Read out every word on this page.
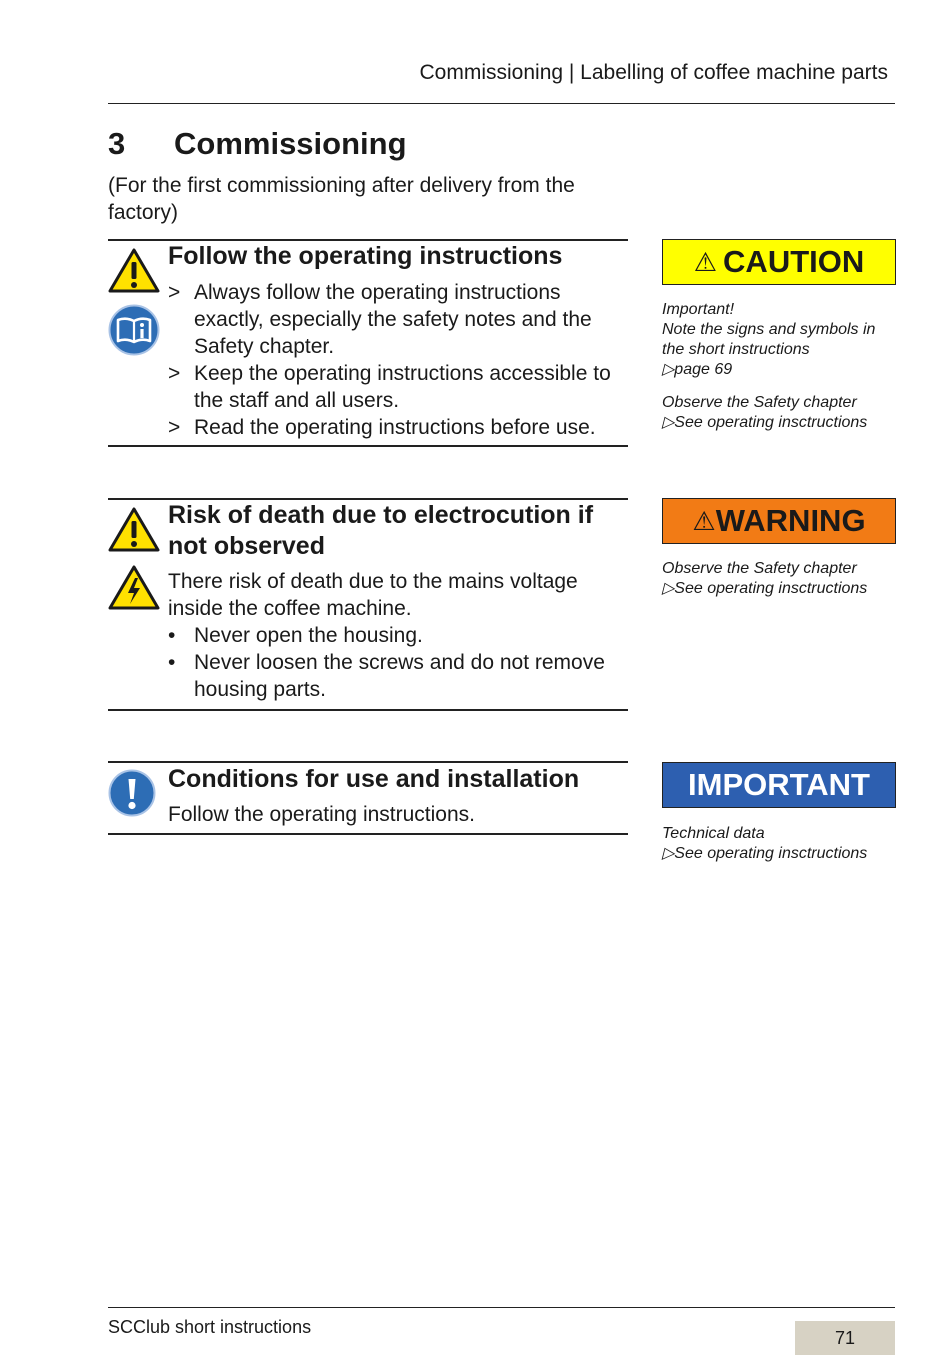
Commissioning | Labelling of coffee machine parts
3 Commissioning
(For the first commissioning after delivery from the factory)
Follow the operating instructions
> Always follow the operating instructions exactly, especially the safety notes and the Safety chapter.
> Keep the operating instructions accessible to the staff and all users.
> Read the operating instructions before use.
⚠ CAUTION

Important!

Note the signs and symbols in the short instructions

▷page 69

Observe the Safety chapter

▷See operating insctructions

Risk of death due to electrocution if not observed
There risk of death due to the mains voltage inside the coffee machine.
• Never open the housing.
• Never loosen the screws and do not remove housing parts.
⚠ WARNING

Observe the Safety chapter

▷See operating insctructions

Conditions for use and installation
Follow the operating instructions.
IMPORTANT

Technical data

▷See operating insctructions

SCClub short instructions
71
